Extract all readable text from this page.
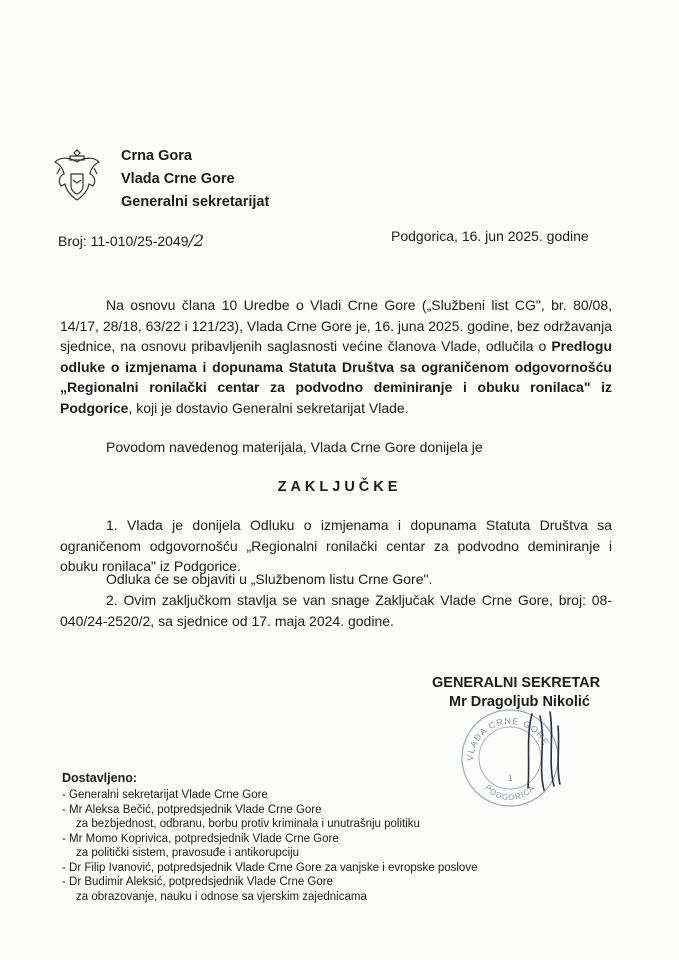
Crna Gora
Vlada Crne Gore
Generalni sekretarijat
Broj: 11-010/25-2049/2	Podgorica, 16. jun 2025. godine
Na osnovu člana 10 Uredbe o Vladi Crne Gore („Službeni list CG", br. 80/08, 14/17, 28/18, 63/22 i 121/23), Vlada Crne Gore je, 16. juna 2025. godine, bez održavanja sjednice, na osnovu pribavljenih saglasnosti većine članova Vlade, odlučila o Predlogu odluke o izmjenama i dopunama Statuta Društva sa ograničenom odgovornošću „Regionalni ronilački centar za podvodno deminiranje i obuku ronilaca" iz Podgorice, koji je dostavio Generalni sekretarijat Vlade.
Povodom navedenog materijala, Vlada Crne Gore donijela je
ZAKLJUČKE
1. Vlada je donijela Odluku o izmjenama i dopunama Statuta Društva sa ograničenom odgovornošću „Regionalni ronilački centar za podvodno deminiranje i obuku ronilaca" iz Podgorice.
Odluka će se objaviti u „Službenom listu Crne Gore".
2. Ovim zaključkom stavlja se van snage Zaključak Vlade Crne Gore, broj: 08-040/24-2520/2, sa sjednice od 17. maja 2024. godine.
GENERALNI SEKRETAR
Mr Dragoljub Nikolić
VLADA CRNE GORE
PODGORICA
1
Dostavljeno:
- Generalni sekretarijat Vlade Crne Gore
- Mr Aleksa Bečić, potpredsjednik Vlade Crne Gore
za bezbjednost, odbranu, borbu protiv kriminala i unutrašnju politiku
- Mr Momo Koprivica, potpredsjednik Vlade Crne Gore
za politički sistem, pravosuđe i antikorupciju
- Dr Filip Ivanović, potpredsjednik Vlade Crne Gore za vanjske i evropske poslove
- Dr Budimir Aleksić, potpredsjednik Vlade Crne Gore
za obrazovanje, nauku i odnose sa vjerskim zajednicama
